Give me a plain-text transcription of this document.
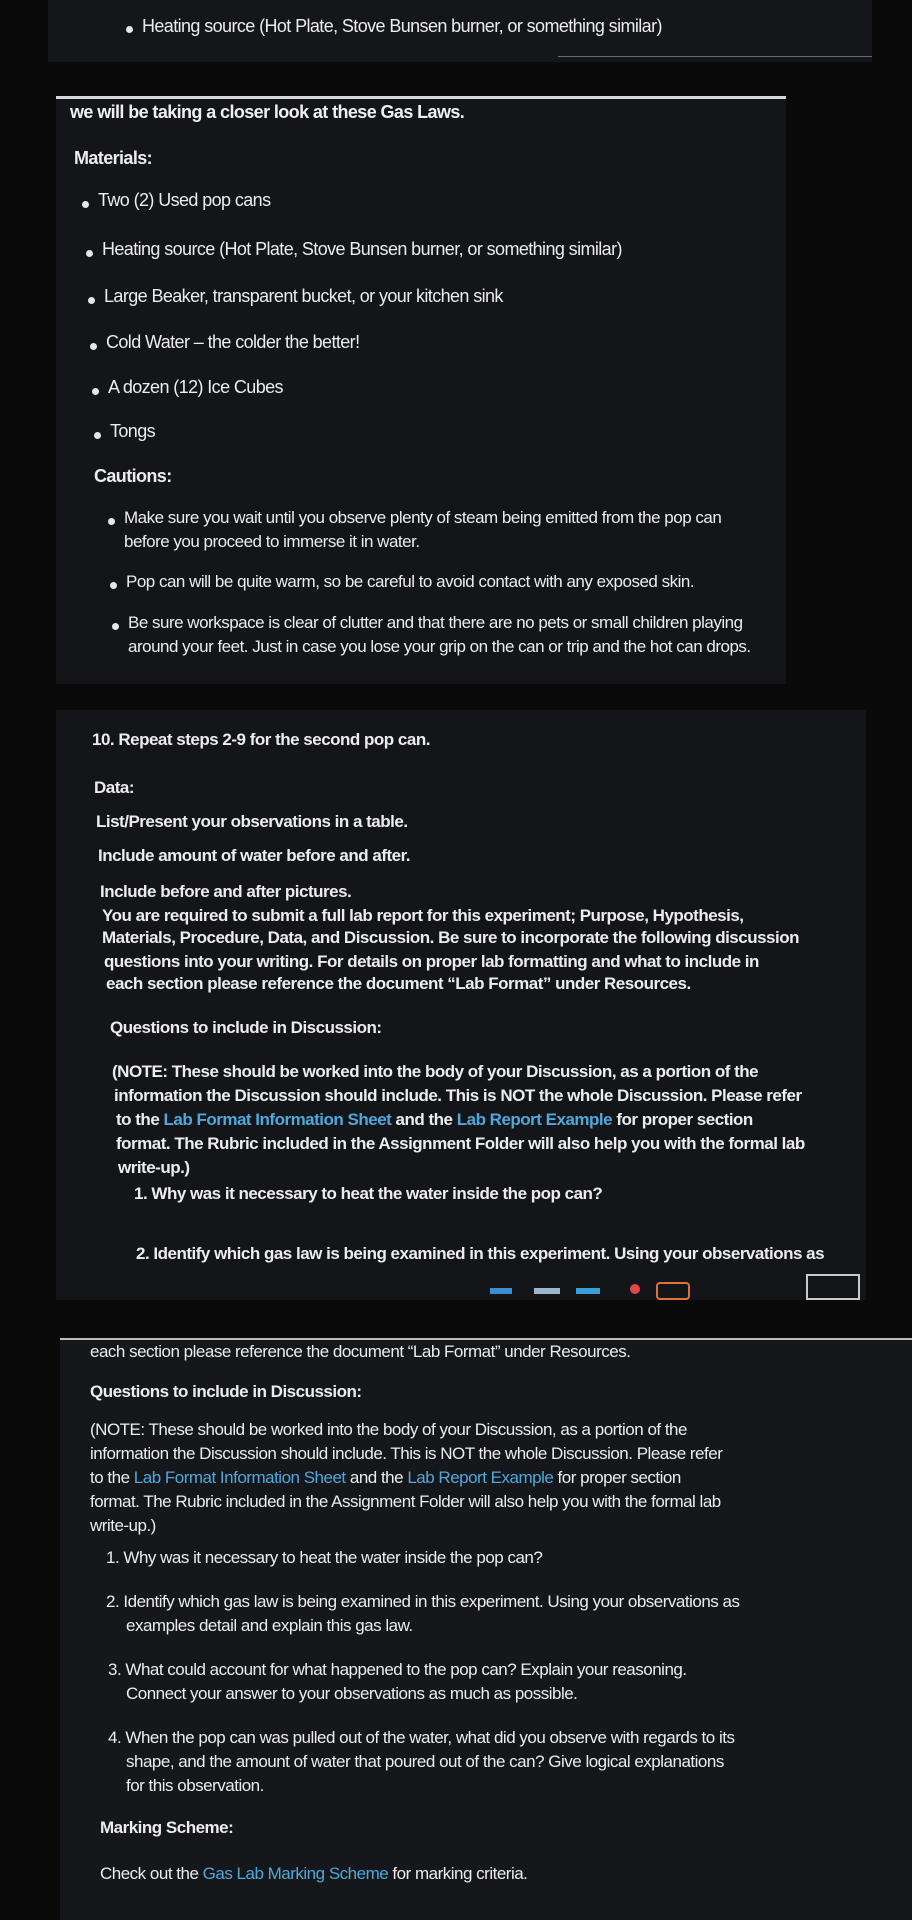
Heating source (Hot Plate, Stove Bunsen burner, or something similar)
we will be taking a closer look at these Gas Laws.
Materials:
Two (2) Used pop cans
Heating source (Hot Plate, Stove Bunsen burner, or something similar)
Large Beaker, transparent bucket, or your kitchen sink
Cold Water – the colder the better!
A dozen (12) Ice Cubes
Tongs
Cautions:
Make sure you wait until you observe plenty of steam being emitted from the pop can
before you proceed to immerse it in water.
Pop can will be quite warm, so be careful to avoid contact with any exposed skin.
Be sure workspace is clear of clutter and that there are no pets or small children playing
around your feet. Just in case you lose your grip on the can or trip and the hot can drops.
10. Repeat steps 2-9 for the second pop can.
Data:
List/Present your observations in a table.
Include amount of water before and after.
Include before and after pictures.
You are required to submit a full lab report for this experiment; Purpose, Hypothesis,
Materials, Procedure, Data, and Discussion. Be sure to incorporate the following discussion
questions into your writing. For details on proper lab formatting and what to include in
each section please reference the document “Lab Format” under Resources.
Questions to include in Discussion:
(NOTE: These should be worked into the body of your Discussion, as a portion of the
information the Discussion should include. This is NOT the whole Discussion. Please refer
to the Lab Format Information Sheet and the Lab Report Example for proper section
format. The Rubric included in the Assignment Folder will also help you with the formal lab
write-up.)
1. Why was it necessary to heat the water inside the pop can?
2. Identify which gas law is being examined in this experiment. Using your observations as
each section please reference the document “Lab Format” under Resources.
Questions to include in Discussion:
(NOTE: These should be worked into the body of your Discussion, as a portion of the
information the Discussion should include. This is NOT the whole Discussion. Please refer
to the Lab Format Information Sheet and the Lab Report Example for proper section
format. The Rubric included in the Assignment Folder will also help you with the formal lab
write-up.)
1. Why was it necessary to heat the water inside the pop can?
2. Identify which gas law is being examined in this experiment. Using your observations as
examples detail and explain this gas law.
3. What could account for what happened to the pop can? Explain your reasoning.
Connect your answer to your observations as much as possible.
4. When the pop can was pulled out of the water, what did you observe with regards to its
shape, and the amount of water that poured out of the can? Give logical explanations
for this observation.
Marking Scheme:
Check out the Gas Lab Marking Scheme for marking criteria.
